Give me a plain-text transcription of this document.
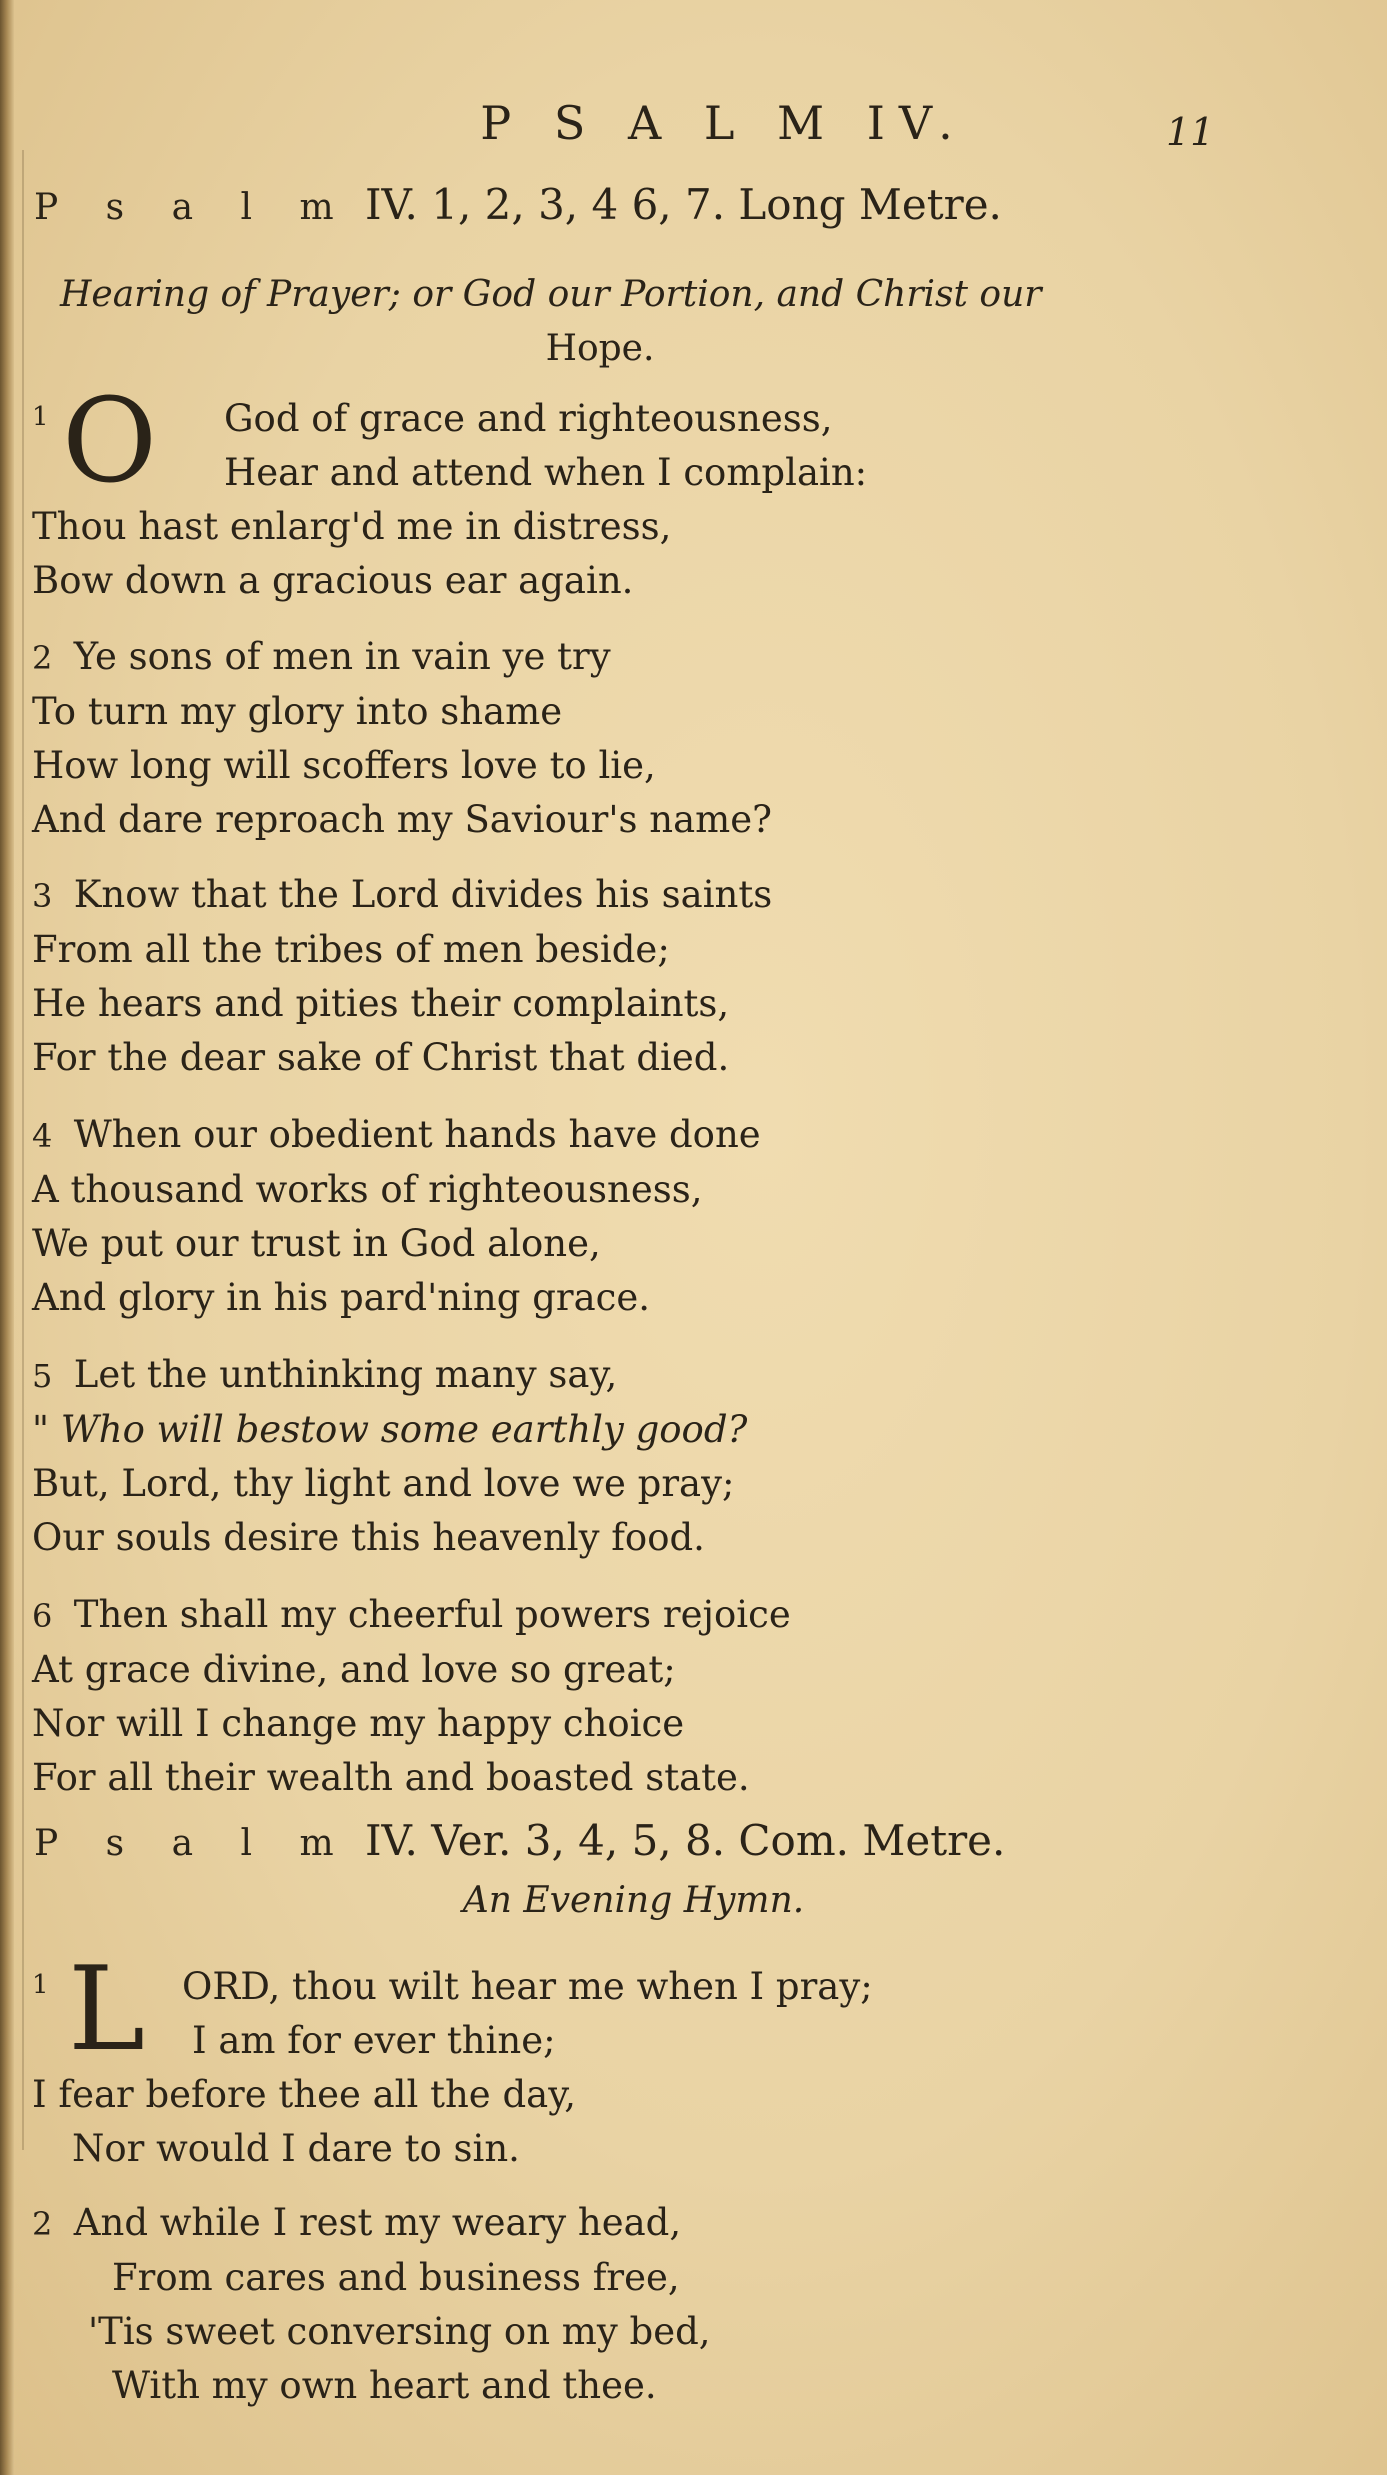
P S A L M IV.	11
P s a l m IV. 1, 2, 3, 4 6, 7. Long Metre.
Hearing of Prayer; or God our Portion, and Christ our
Hope.
1 O God of grace and righteousness,
Hear and attend when I complain:
Thou hast enlarg'd me in distress,
Bow down a gracious ear again.
2 Ye sons of men in vain ye try
To turn my glory into shame
How long will scoffers love to lie,
And dare reproach my Saviour's name?
3 Know that the Lord divides his saints
From all the tribes of men beside;
He hears and pities their complaints,
For the dear sake of Christ that died.
4 When our obedient hands have done
A thousand works of righteousness,
We put our trust in God alone,
And glory in his pard'ning grace.
5 Let the unthinking many say,
" Who will bestow some earthly good?
But, Lord, thy light and love we pray;
Our souls desire this heavenly food.
6 Then shall my cheerful powers rejoice
At grace divine, and love so great;
Nor will I change my happy choice
For all their wealth and boasted state.
P s a l m IV. Ver. 3, 4, 5, 8. Com. Metre.
An Evening Hymn.
1 L ORD, thou wilt hear me when I pray;
I am for ever thine;
I fear before thee all the day,
Nor would I dare to sin.
2 And while I rest my weary head,
From cares and business free,
'Tis sweet conversing on my bed,
With my own heart and thee.
